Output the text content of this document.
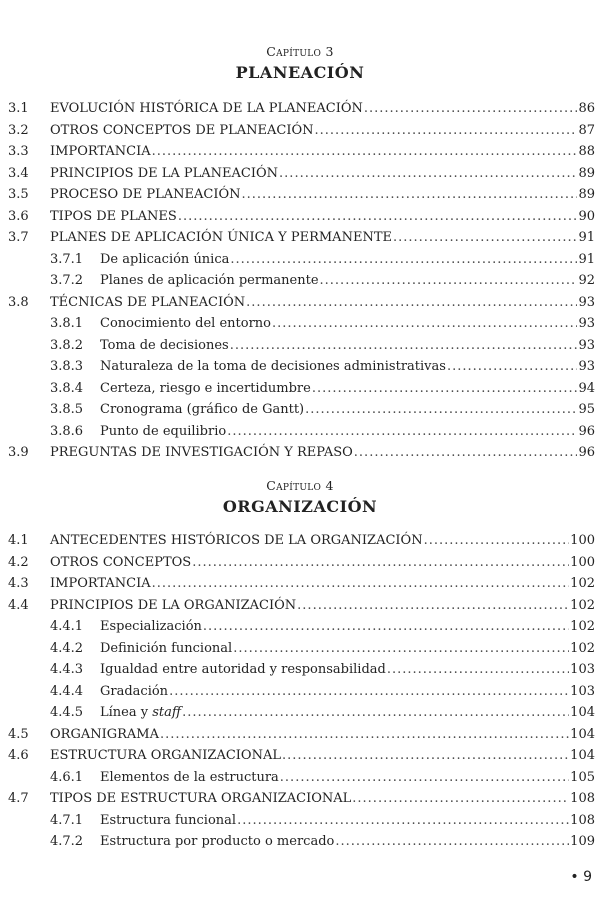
Capítulo 3
PLANEACIÓN
3.1 EVOLUCIÓN HISTÓRICA DE LA PLANEACIÓN .....	86
3.2 OTROS CONCEPTOS DE PLANEACIÓN .....	87
3.3 IMPORTANCIA .....	88
3.4 PRINCIPIOS DE LA PLANEACIÓN .....	89
3.5 PROCESO DE PLANEACIÓN .....	89
3.6 TIPOS DE PLANES .....	90
3.7 PLANES DE APLICACIÓN ÚNICA Y PERMANENTE .....	91
3.7.1 De aplicación única .....	91
3.7.2 Planes de aplicación permanente .....	92
3.8 TÉCNICAS DE PLANEACIÓN .....	93
3.8.1 Conocimiento del entorno .....	93
3.8.2 Toma de decisiones .....	93
3.8.3 Naturaleza de la toma de decisiones administrativas .....	93
3.8.4 Certeza, riesgo e incertidumbre .....	94
3.8.5 Cronograma (gráfico de Gantt) .....	95
3.8.6 Punto de equilibrio .....	96
3.9 PREGUNTAS DE INVESTIGACIÓN Y REPASO .....	96
Capítulo 4
ORGANIZACIÓN
4.1 ANTECEDENTES HISTÓRICOS DE LA ORGANIZACIÓN .....	100
4.2 OTROS CONCEPTOS .....	100
4.3 IMPORTANCIA .....	102
4.4 PRINCIPIOS DE LA ORGANIZACIÓN .....	102
4.4.1 Especialización .....	102
4.4.2 Definición funcional .....	102
4.4.3 Igualdad entre autoridad y responsabilidad .....	103
4.4.4 Gradación .....	103
4.4.5 Línea y staff .....	104
4.5 ORGANIGRAMA .....	104
4.6 ESTRUCTURA ORGANIZACIONAL .....	104
4.6.1 Elementos de la estructura .....	105
4.7 TIPOS DE ESTRUCTURA ORGANIZACIONAL .....	108
4.7.1 Estructura funcional .....	108
4.7.2 Estructura por producto o mercado .....	109
• 9
